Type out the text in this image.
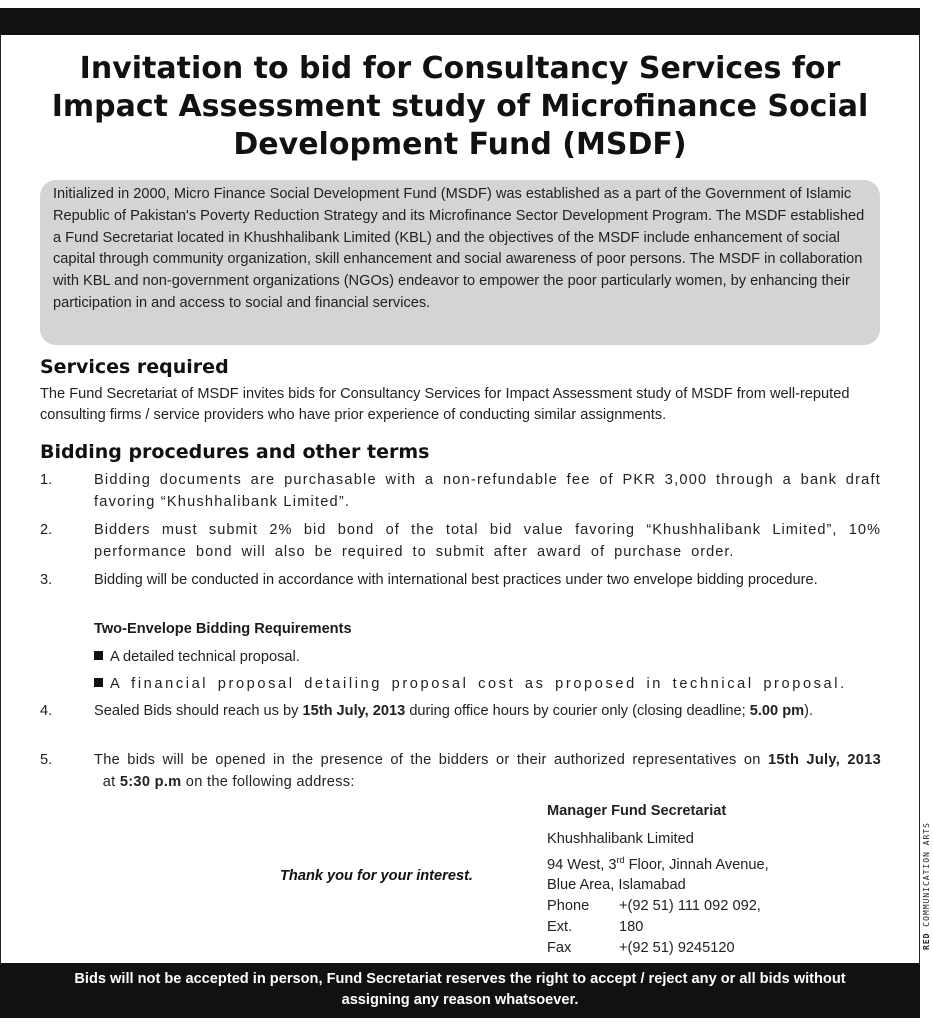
Invitation to bid for Consultancy Services for Impact Assessment study of Microfinance Social Development Fund (MSDF)
Initialized in 2000, Micro Finance Social Development Fund (MSDF) was established as a part of the Government of Islamic Republic of Pakistan's Poverty Reduction Strategy and its Microfinance Sector Development Program. The MSDF established a Fund Secretariat located in Khushhalibank Limited (KBL) and the objectives of the MSDF include enhancement of social capital through community organization, skill enhancement and social awareness of poor persons. The MSDF in collaboration with KBL and non-government organizations (NGOs) endeavor to empower the poor particularly women, by enhancing their participation in and access to social and financial services.
Services required
The Fund Secretariat of MSDF invites bids for Consultancy Services for Impact Assessment study of MSDF from well-reputed consulting firms / service providers who have prior experience of conducting similar assignments.
Bidding procedures and other terms
1.	Bidding documents are purchasable with a non-refundable fee of PKR 3,000 through a bank draft favoring “Khushhalibank Limited”.
2.	Bidders must submit 2% bid bond of the total bid value favoring “Khushhalibank Limited”, 10% performance bond will also be required to submit after award of purchase order.
3.	Bidding will be conducted in accordance with international best practices under two envelope bidding procedure.
Two-Envelope Bidding Requirements
A detailed technical proposal.
A financial proposal detailing proposal cost as proposed in technical proposal.
4.	Sealed Bids should reach us by 15th July, 2013 during office hours by courier only (closing deadline; 5.00 pm).
5.	The bids will be opened in the presence of the bidders or their authorized representatives on 15th July, 2013  at 5:30 p.m on the following address:
Thank you for your interest.
Manager Fund Secretariat
Khushhalibank Limited
94 West, 3rd Floor, Jinnah Avenue,
Blue Area, Islamabad
Phone	+(92 51) 111 092 092,
Ext.	180
Fax	+(92 51) 9245120
Bids will not be accepted in person, Fund Secretariat reserves the right to accept / reject any or all bids without assigning any reason whatsoever.
RED COMMUNICATION ARTS
